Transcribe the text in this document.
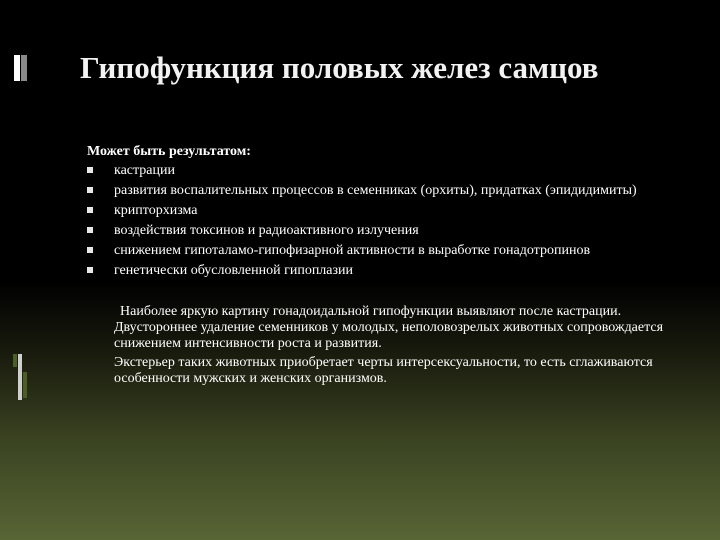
Гипофункция половых желез самцов

Может быть результатом:

кастрации
развития воспалительных процессов в семенниках (орхиты), придатках (эпидидимиты)
крипторхизма
воздействия токсинов и радиоактивного излучения
снижением гипоталамо-гипофизарной активности в выработке гонадотропинов
генетически обусловленной гипоплазии

Наиболее яркую картину гонадоидальной гипофункции выявляют после кастрации. Двустороннее удаление семенников у молодых, неполовозрелых животных сопровождается снижением интенсивности роста и развития.

Экстерьер таких животных приобретает черты интерсексуальности, то есть сглаживаются особенности мужских и женских организмов.
